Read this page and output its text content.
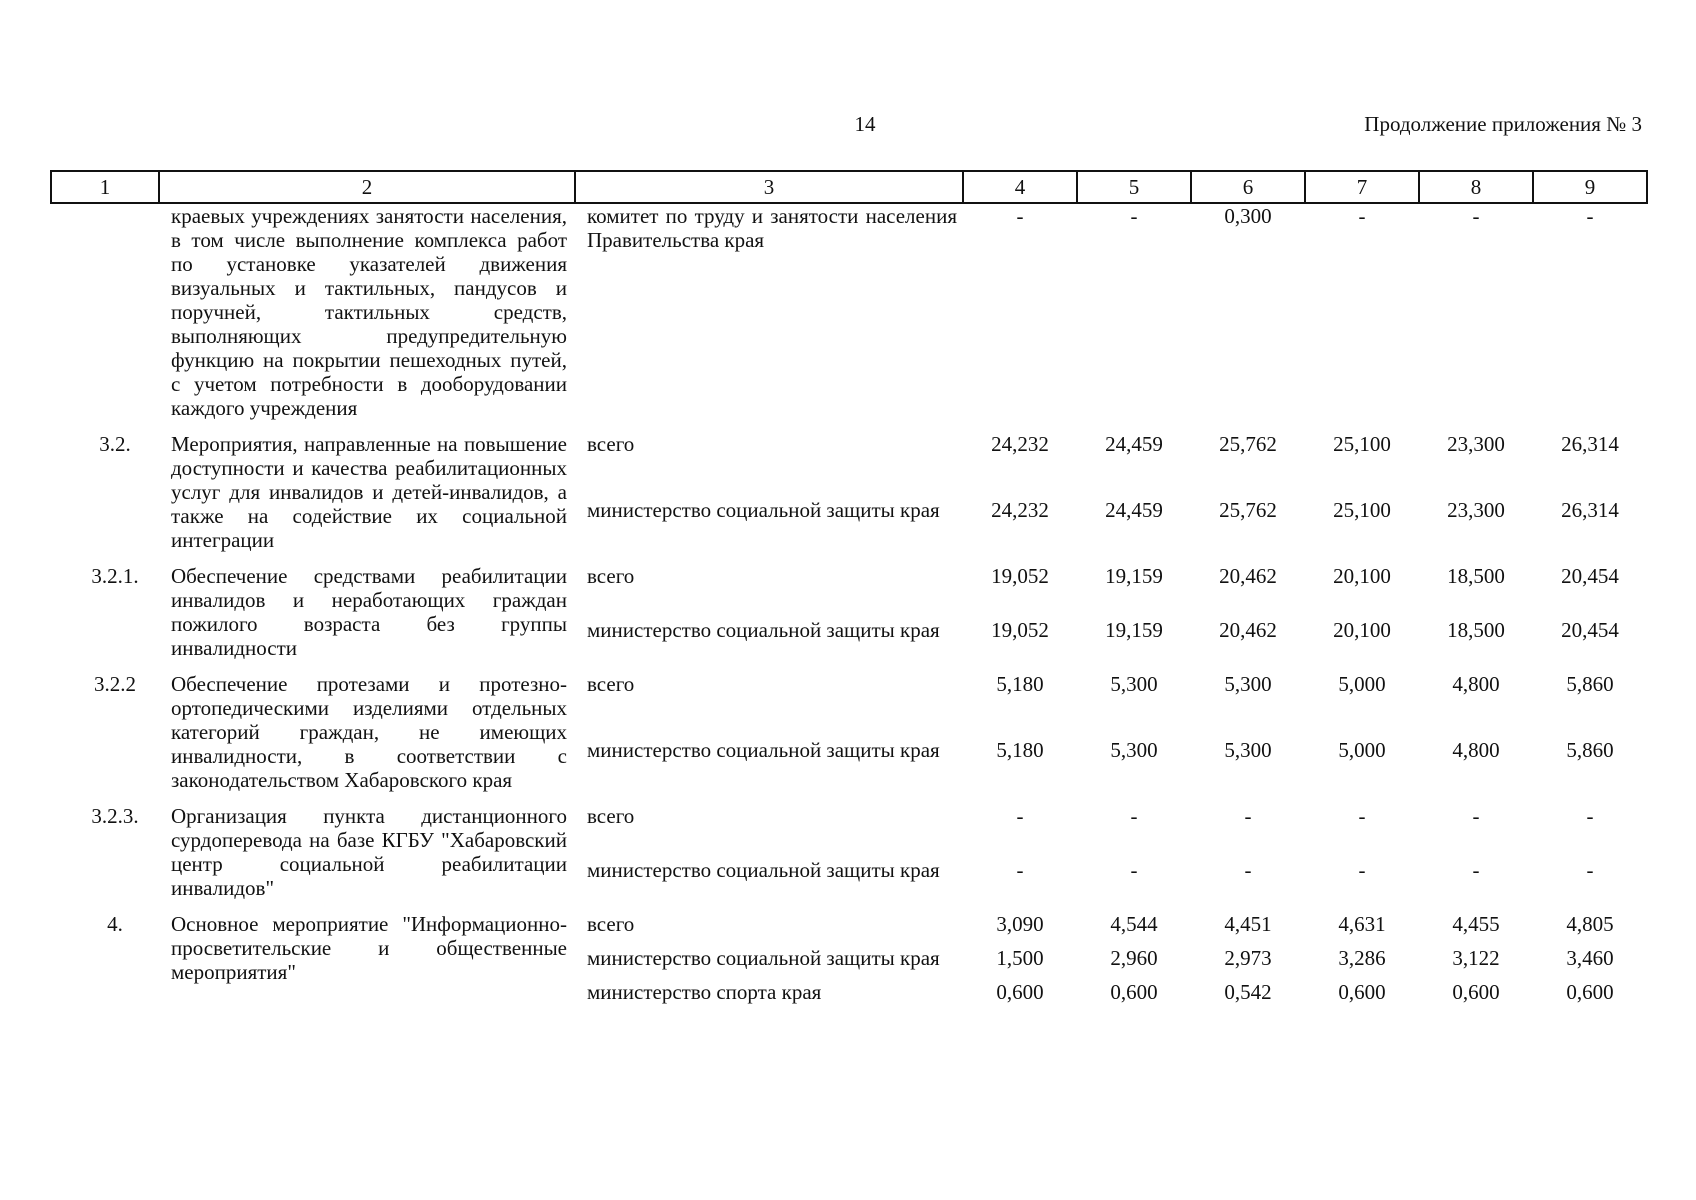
14	Продолжение приложения № 3
1	2	3	4	5	6	7	8	9
	краевых учреждениях занятости населения, в том числе выполнение комплекса работ по установке указателей движения визуальных и тактильных, пандусов и поручней, тактильных средств, выполняющих предупредительную функцию на покрытии пешеходных путей, с учетом потребности в дооборудовании каждого учреждения	комитет по труду и занятости населения Правительства края	-	-	0,300	-	-	-
3.2.	Мероприятия, направленные на повышение доступности и качества реабилитационных услуг для инвалидов и детей-инвалидов, а также на содействие их социальной интеграции	всего	24,232	24,459	25,762	25,100	23,300	26,314
		министерство социальной защиты края	24,232	24,459	25,762	25,100	23,300	26,314
3.2.1.	Обеспечение средствами реабилитации инвалидов и неработающих граждан пожилого возраста без группы инвалидности	всего	19,052	19,159	20,462	20,100	18,500	20,454
		министерство социальной защиты края	19,052	19,159	20,462	20,100	18,500	20,454
3.2.2	Обеспечение протезами и протезно-ортопедическими изделиями отдельных категорий граждан, не имеющих инвалидности, в соответствии с законодательством Хабаровского края	всего	5,180	5,300	5,300	5,000	4,800	5,860
		министерство социальной защиты края	5,180	5,300	5,300	5,000	4,800	5,860
3.2.3.	Организация пункта дистанционного сурдоперевода на базе КГБУ "Хабаровский центр социальной реабилитации инвалидов"	всего	-	-	-	-	-	-
		министерство социальной защиты края	-	-	-	-	-	-
4.	Основное мероприятие "Информационно-просветительские и общественные мероприятия"	всего	3,090	4,544	4,451	4,631	4,455	4,805
		министерство социальной защиты края	1,500	2,960	2,973	3,286	3,122	3,460
		министерство спорта края	0,600	0,600	0,542	0,600	0,600	0,600
